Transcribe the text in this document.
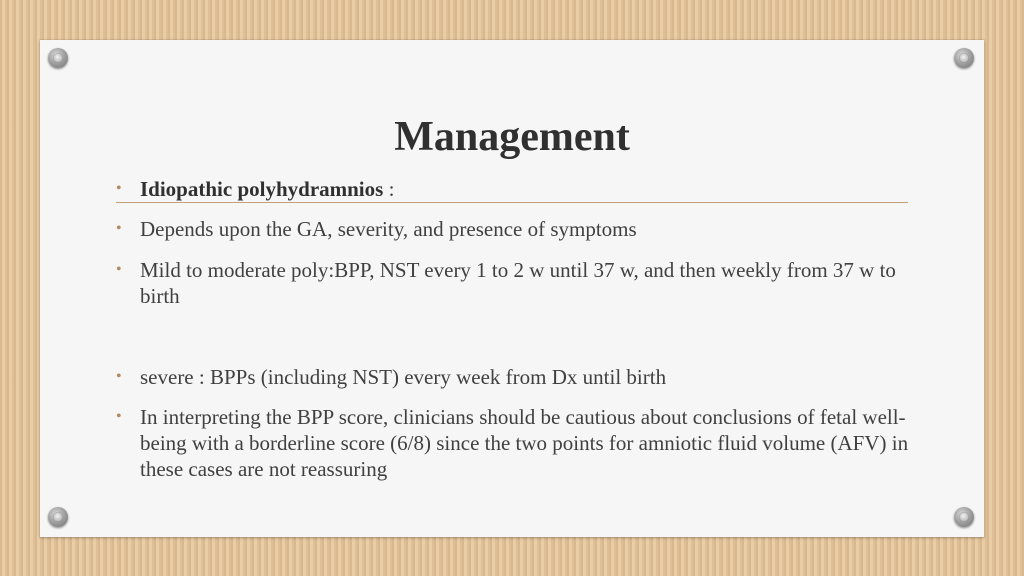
Management
• Idiopathic polyhydramnios :
• Depends upon the GA, severity, and presence of symptoms
• Mild to moderate poly:BPP, NST every 1 to 2 w until 37 w, and then weekly from 37 w to birth
• severe : BPPs (including NST) every week from Dx until birth
• In interpreting the BPP score, clinicians should be cautious about conclusions of fetal well-being with a borderline score (6/8) since the two points for amniotic fluid volume (AFV) in these cases are not reassuring
